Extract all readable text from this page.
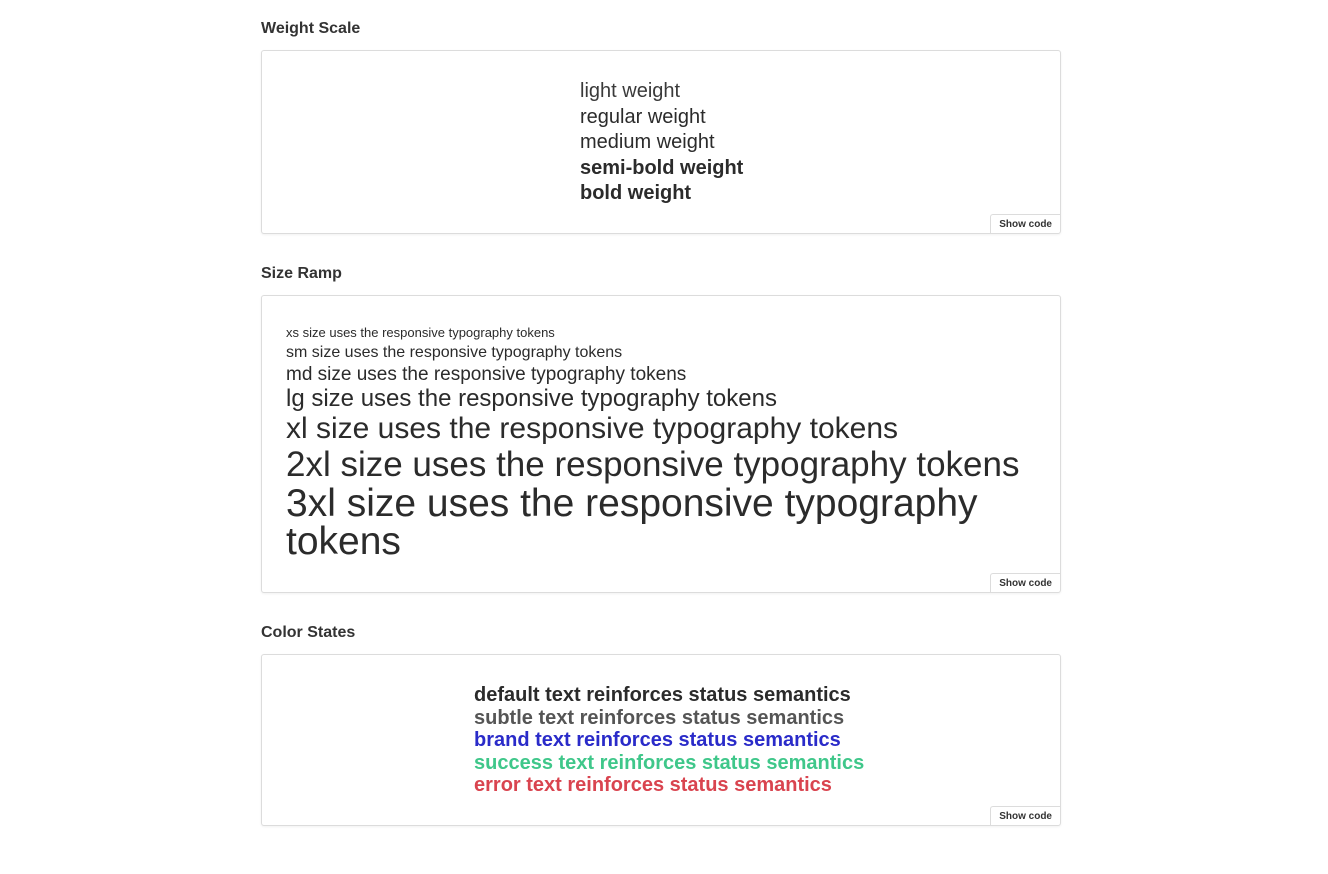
Weight Scale
light weight
regular weight
medium weight
semi-bold weight
bold weight
Show code
Size Ramp
xs size uses the responsive typography tokens
sm size uses the responsive typography tokens
md size uses the responsive typography tokens
lg size uses the responsive typography tokens
xl size uses the responsive typography tokens
2xl size uses the responsive typography tokens
3xl size uses the responsive typography tokens
Show code
Color States
default text reinforces status semantics
subtle text reinforces status semantics
brand text reinforces status semantics
success text reinforces status semantics
error text reinforces status semantics
Show code
